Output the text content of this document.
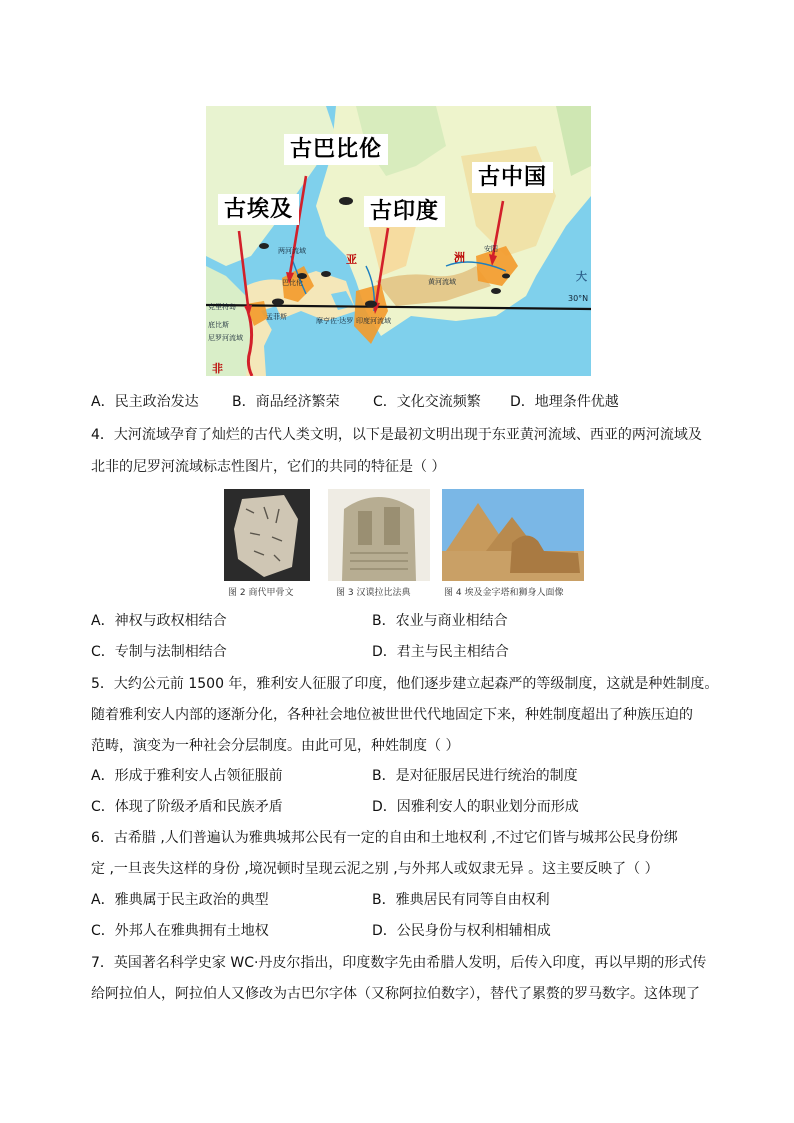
古巴比伦
古埃及	古印度
古中国
两河流域
尼罗河流域
印度河流域
黄河流域
克里特岛
底比斯
孟菲斯
巴比伦
摩亨佐·达罗
安阳
亚	洲
非
大
30°N
A．民主政治发达 B．商品经济繁荣 C．文化交流频繁 D．地理条件优越
4．大河流域孕育了灿烂的古代人类文明，以下是最初文明出现于东亚黄河流域、西亚的两河流域及
北非的尼罗河流域标志性图片，它们的共同的特征是（ ）
图 2 商代甲骨文	图 3 汉谟拉比法典	图 4 埃及金字塔和狮身人面像
A．神权与政权相结合	B．农业与商业相结合
C．专制与法制相结合	D．君主与民主相结合
5．大约公元前 1500 年，雅利安人征服了印度，他们逐步建立起森严的等级制度，这就是种姓制度。
随着雅利安人内部的逐渐分化，各种社会地位被世世代代地固定下来，种姓制度超出了种族压迫的
范畴，演变为一种社会分层制度。由此可见，种姓制度（ ）
A．形成于雅利安人占领征服前	B．是对征服居民进行统治的制度
C．体现了阶级矛盾和民族矛盾	D．因雅利安人的职业划分而形成
6．古希腊 ,人们普遍认为雅典城邦公民有一定的自由和土地权利 ,不过它们皆与城邦公民身份绑
定 ,一旦丧失这样的身份 ,境况顿时呈现云泥之别 ,与外邦人或奴隶无异 。这主要反映了（ ）
A．雅典属于民主政治的典型	B．雅典居民有同等自由权利
C．外邦人在雅典拥有土地权	D．公民身份与权利相辅相成
7．英国著名科学史家 WC·丹皮尔指出，印度数字先由希腊人发明，后传入印度，再以早期的形式传
给阿拉伯人，阿拉伯人又修改为古巴尔字体（又称阿拉伯数字），替代了累赘的罗马数字。这体现了
